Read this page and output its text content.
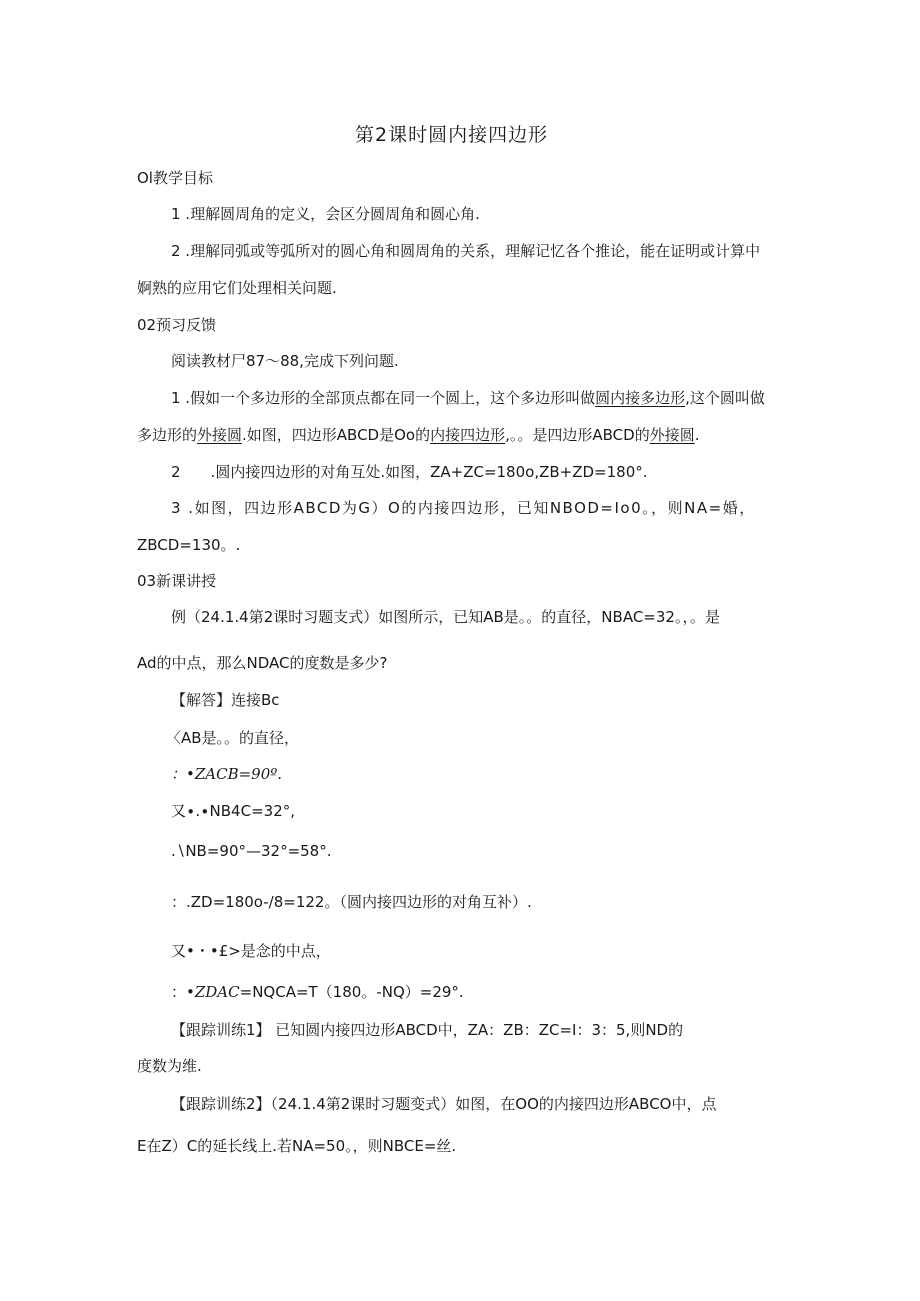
第2课时圆内接四边形
Ol教学目标
1 .理解圆周角的定义，会区分圆周角和圆心角.
2 .理解同弧或等弧所对的圆心角和圆周角的关系，理解记忆各个推论，能在证明或计算中
婀熟的应用它们处理相关问题.
02预习反馈
阅读教材尸87～88,完成下列问题.
1 .假如一个多边形的全部顶点都在同一个圆上，这个多边形叫做圆内接多边形,这个圆叫做
多边形的外接圆.如图，四边形ABCD是Oo的内接四边形,。。是四边形ABCD的外接圆.
2 .圆内接四边形的对角互处.如图，ZA+ZC=180o,ZB+ZD=180°.
3 .如图，四边形ABCD为G）O的内接四边形，已知NBOD=Io0。，则NA=婚，
ZBCD=130。.
03新课讲授
例（24.1.4第2课时习题支式）如图所示，已知AB是。。的直径，NBAC=32。，。是
Ad的中点，那么NDAC的度数是多少?
【解答】连接Bc
〈AB是。。的直径，
：•ZACB=90º.
又∙.∙NB4C=32°,
.∖NB=90°—32°=58°.
：.ZD=180o-/8=122。（圆内接四边形的对角互补）.
又•・•£>是念的中点，
：•ZDAC=NQCA=T（180。-NQ）=29°.
【跟踪训练1】 已知圆内接四边形ABCD中，ZA：ZB：ZC=I：3：5,则ND的
度数为维.
【跟踪训练2】（24.1.4第2课时习题变式）如图，在OO的内接四边形ABCO中，点
E在Z）C的延长线上.若NA=50。，则NBCE=丝.
